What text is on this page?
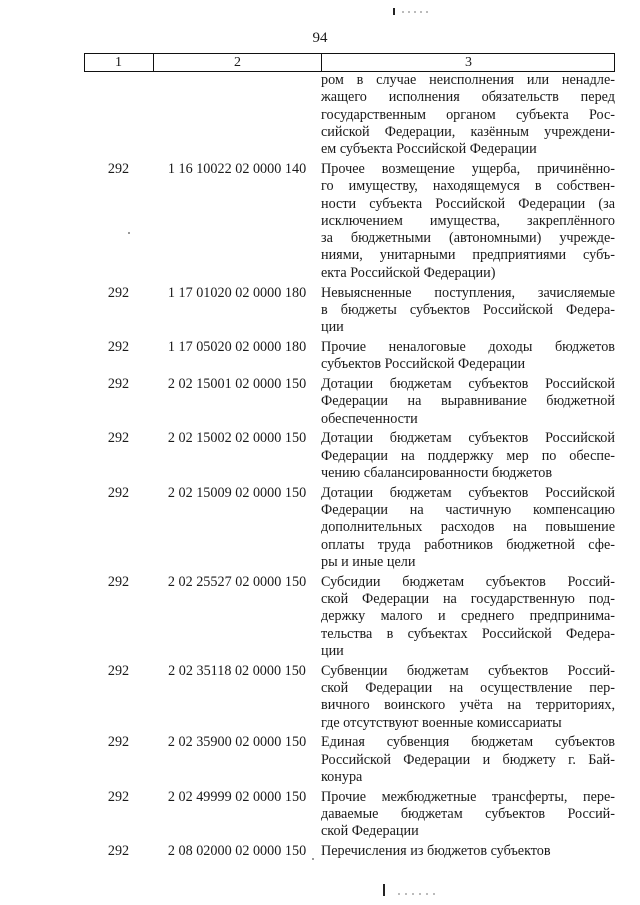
94
1	2	3
ром в случае неисполнения или ненадле-
жащего исполнения обязательств перед
государственным органом субъекта Рос-
сийской Федерации, казённым учреждени-
ем субъекта Российской Федерации
292	1 16 10022 02 0000 140	Прочее возмещение ущерба, причинённо-
го имуществу, находящемуся в собствен-
ности субъекта Российской Федерации (за
исключением имущества, закреплённого
за бюджетными (автономными) учрежде-
ниями, унитарными предприятиями субъ-
екта Российской Федерации)
292	1 17 01020 02 0000 180	Невыясненные поступления, зачисляемые
в бюджеты субъектов Российской Федера-
ции
292	1 17 05020 02 0000 180	Прочие неналоговые доходы бюджетов
субъектов Российской Федерации
292	2 02 15001 02 0000 150	Дотации бюджетам субъектов Российской
Федерации на выравнивание бюджетной
обеспеченности
292	2 02 15002 02 0000 150	Дотации бюджетам субъектов Российской
Федерации на поддержку мер по обеспе-
чению сбалансированности бюджетов
292	2 02 15009 02 0000 150	Дотации бюджетам субъектов Российской
Федерации на частичную компенсацию
дополнительных расходов на повышение
оплаты труда работников бюджетной сфе-
ры и иные цели
292	2 02 25527 02 0000 150	Субсидии бюджетам субъектов Россий-
ской Федерации на государственную под-
держку малого и среднего предпринима-
тельства в субъектах Российской Федера-
ции
292	2 02 35118 02 0000 150	Субвенции бюджетам субъектов Россий-
ской Федерации на осуществление пер-
вичного воинского учёта на территориях,
где отсутствуют военные комиссариаты
292	2 02 35900 02 0000 150	Единая субвенция бюджетам субъектов
Российской Федерации и бюджету г. Бай-
конура
292	2 02 49999 02 0000 150	Прочие межбюджетные трансферты, пере-
даваемые бюджетам субъектов Россий-
ской Федерации
292	2 08 02000 02 0000 150	Перечисления из бюджетов субъектов
